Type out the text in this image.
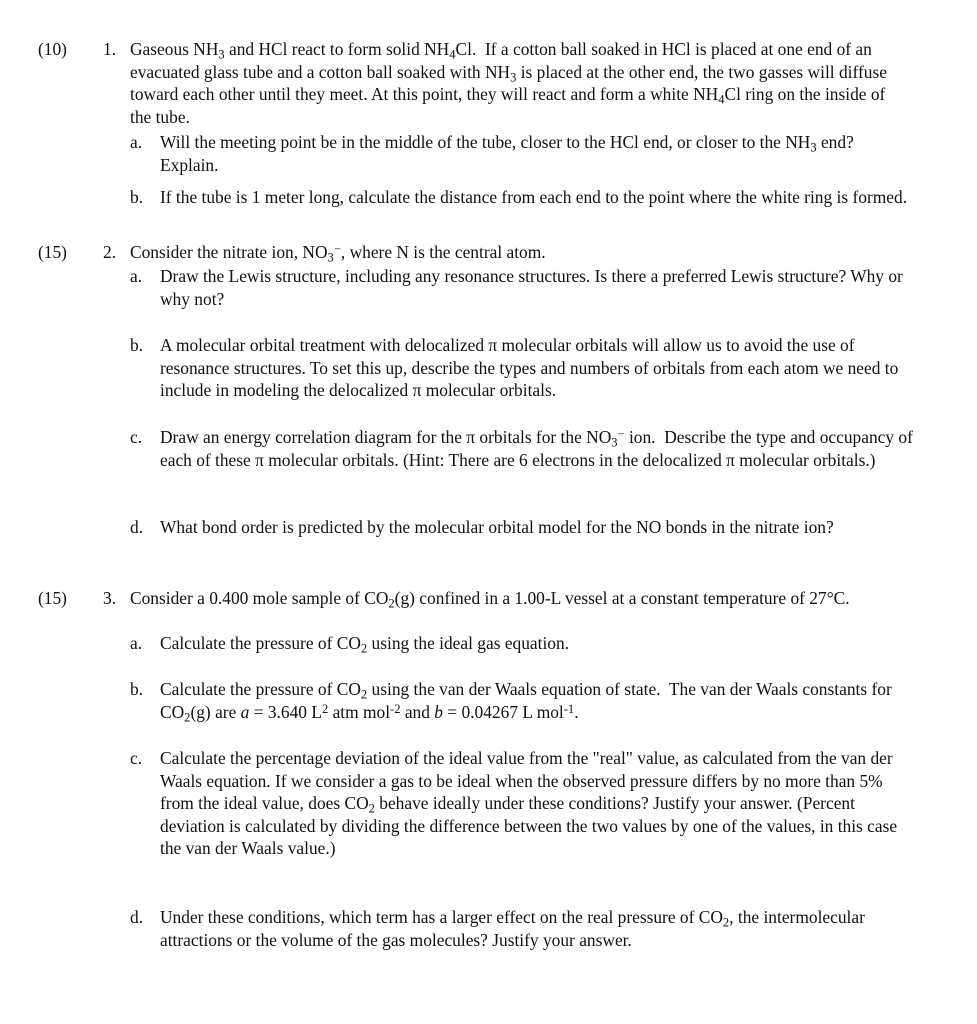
(10) 1. Gaseous $NH_3$ and HCl react to form solid $NH_4Cl$.  If a cotton ball soaked in HCl is placed at one end of an evacuated glass tube and a cotton ball soaked with $NH_3$ is placed at the other end, the two gasses will diffuse toward each other until they meet. At this point, they will react and form a white $NH_4Cl$ ring on the inside of the tube.
a. Will the meeting point be in the middle of the tube, closer to the HCl end, or closer to the $NH_3$ end?  Explain.
b. If the tube is 1 meter long, calculate the distance from each end to the point where the white ring is formed.
(15) 2. Consider the nitrate ion, $NO_3^-$, where N is the central atom.
a. Draw the Lewis structure, including any resonance structures. Is there a preferred Lewis structure? Why or why not?
b. A molecular orbital treatment with delocalized π molecular orbitals will allow us to avoid the use of resonance structures. To set this up, describe the types and numbers of orbitals from each atom we need to include in modeling the delocalized π molecular orbitals.
c. Draw an energy correlation diagram for the π orbitals for the $NO_3^-$ ion.  Describe the type and occupancy of each of these π molecular orbitals. (Hint: There are 6 electrons in the delocalized π molecular orbitals.)
d. What bond order is predicted by the molecular orbital model for the NO bonds in the nitrate ion?
(15) 3. Consider a 0.400 mole sample of $CO_2(g)$ confined in a 1.00-L vessel at a constant temperature of 27°C.
a. Calculate the pressure of $CO_2$ using the ideal gas equation.
b. Calculate the pressure of $CO_2$ using the van der Waals equation of state.  The van der Waals constants for $CO_2(g)$ are a = 3.640 $L^2$ atm mol$^{-2}$ and b = 0.04267 L mol$^{-1}$.
c. Calculate the percentage deviation of the ideal value from the "real" value, as calculated from the van der Waals equation. If we consider a gas to be ideal when the observed pressure differs by no more than 5% from the ideal value, does $CO_2$ behave ideally under these conditions? Justify your answer. (Percent deviation is calculated by dividing the difference between the two values by one of the values, in this case the van der Waals value.)
d. Under these conditions, which term has a larger effect on the real pressure of $CO_2$, the intermolecular attractions or the volume of the gas molecules? Justify your answer.
